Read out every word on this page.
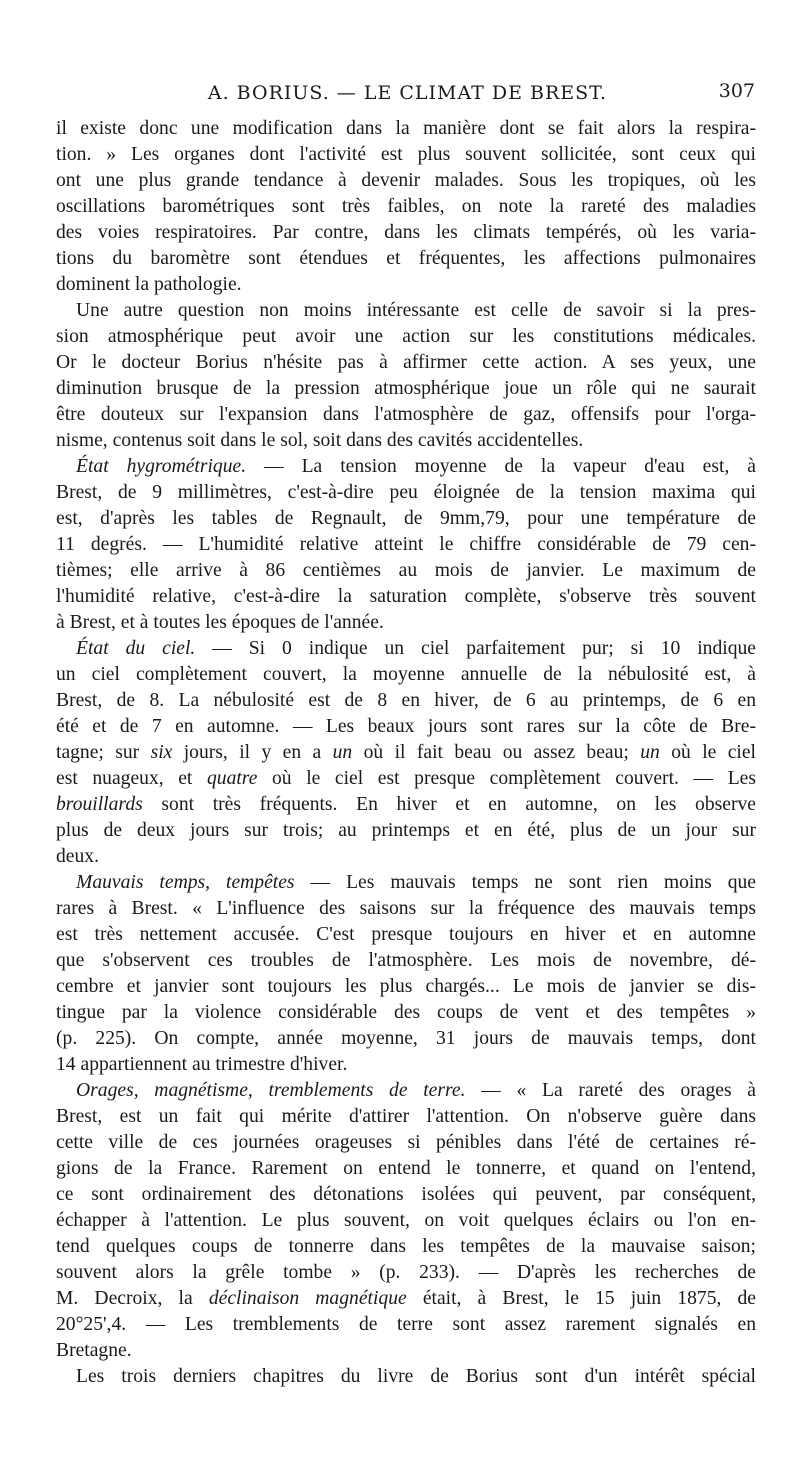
A. BORIUS. — LE CLIMAT DE BREST.	307
il existe donc une modification dans la manière dont se fait alors la respira-
tion. » Les organes dont l'activité est plus souvent sollicitée, sont ceux qui
ont une plus grande tendance à devenir malades. Sous les tropiques, où les
oscillations barométriques sont très faibles, on note la rareté des maladies
des voies respiratoires. Par contre, dans les climats tempérés, où les varia-
tions du baromètre sont étendues et fréquentes, les affections pulmonaires
dominent la pathologie.
Une autre question non moins intéressante est celle de savoir si la pres-
sion atmosphérique peut avoir une action sur les constitutions médicales.
Or le docteur Borius n'hésite pas à affirmer cette action. A ses yeux, une
diminution brusque de la pression atmosphérique joue un rôle qui ne saurait
être douteux sur l'expansion dans l'atmosphère de gaz, offensifs pour l'orga-
nisme, contenus soit dans le sol, soit dans des cavités accidentelles.
État hygrométrique. — La tension moyenne de la vapeur d'eau est, à
Brest, de 9 millimètres, c'est-à-dire peu éloignée de la tension maxima qui
est, d'après les tables de Regnault, de 9mm,79, pour une température de
11 degrés. — L'humidité relative atteint le chiffre considérable de 79 cen-
tièmes; elle arrive à 86 centièmes au mois de janvier. Le maximum de
l'humidité relative, c'est-à-dire la saturation complète, s'observe très souvent
à Brest, et à toutes les époques de l'année.
État du ciel. — Si 0 indique un ciel parfaitement pur; si 10 indique
un ciel complètement couvert, la moyenne annuelle de la nébulosité est, à
Brest, de 8. La nébulosité est de 8 en hiver, de 6 au printemps, de 6 en
été et de 7 en automne. — Les beaux jours sont rares sur la côte de Bre-
tagne; sur six jours, il y en a un où il fait beau ou assez beau; un où le ciel
est nuageux, et quatre où le ciel est presque complètement couvert. — Les
brouillards sont très fréquents. En hiver et en automne, on les observe
plus de deux jours sur trois; au printemps et en été, plus de un jour sur
deux.
Mauvais temps, tempêtes — Les mauvais temps ne sont rien moins que
rares à Brest. « L'influence des saisons sur la fréquence des mauvais temps
est très nettement accusée. C'est presque toujours en hiver et en automne
que s'observent ces troubles de l'atmosphère. Les mois de novembre, dé-
cembre et janvier sont toujours les plus chargés... Le mois de janvier se dis-
tingue par la violence considérable des coups de vent et des tempêtes »
(p. 225). On compte, année moyenne, 31 jours de mauvais temps, dont
14 appartiennent au trimestre d'hiver.
Orages, magnétisme, tremblements de terre. — « La rareté des orages à
Brest, est un fait qui mérite d'attirer l'attention. On n'observe guère dans
cette ville de ces journées orageuses si pénibles dans l'été de certaines ré-
gions de la France. Rarement on entend le tonnerre, et quand on l'entend,
ce sont ordinairement des détonations isolées qui peuvent, par conséquent,
échapper à l'attention. Le plus souvent, on voit quelques éclairs ou l'on en-
tend quelques coups de tonnerre dans les tempêtes de la mauvaise saison;
souvent alors la grêle tombe » (p. 233). — D'après les recherches de
M. Decroix, la déclinaison magnétique était, à Brest, le 15 juin 1875, de
20°25',4. — Les tremblements de terre sont assez rarement signalés en
Bretagne.
Les trois derniers chapitres du livre de Borius sont d'un intérêt spécial
